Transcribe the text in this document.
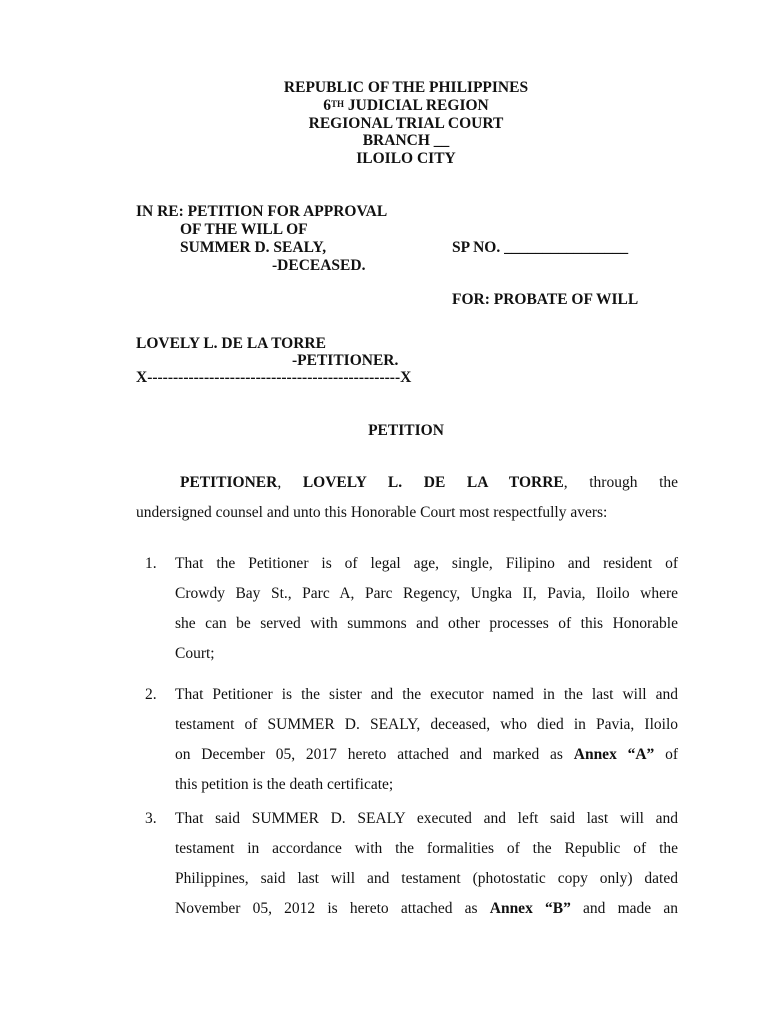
REPUBLIC OF THE PHILIPPINES
6TH JUDICIAL REGION
REGIONAL TRIAL COURT
BRANCH __
ILOILO CITY
IN RE: PETITION FOR APPROVAL
OF THE WILL OF
SUMMER D. SEALY,	SP NO. ________________
-DECEASED.
FOR: PROBATE OF WILL
LOVELY L. DE LA TORRE
-PETITIONER.
X-------------------------------------------------X
PETITION
PETITIONER, LOVELY L. DE LA TORRE, through the
undersigned counsel and unto this Honorable Court most respectfully avers:
1. That the Petitioner is of legal age, single, Filipino and resident of
Crowdy Bay St., Parc A, Parc Regency, Ungka II, Pavia, Iloilo where
she can be served with summons and other processes of this Honorable
Court;
2. That Petitioner is the sister and the executor named in the last will and
testament of SUMMER D. SEALY, deceased, who died in Pavia, Iloilo
on December 05, 2017 hereto attached and marked as Annex “A” of
this petition is the death certificate;
3. That said SUMMER D. SEALY executed and left said last will and
testament in accordance with the formalities of the Republic of the
Philippines, said last will and testament (photostatic copy only) dated
November 05, 2012 is hereto attached as Annex “B” and made an
